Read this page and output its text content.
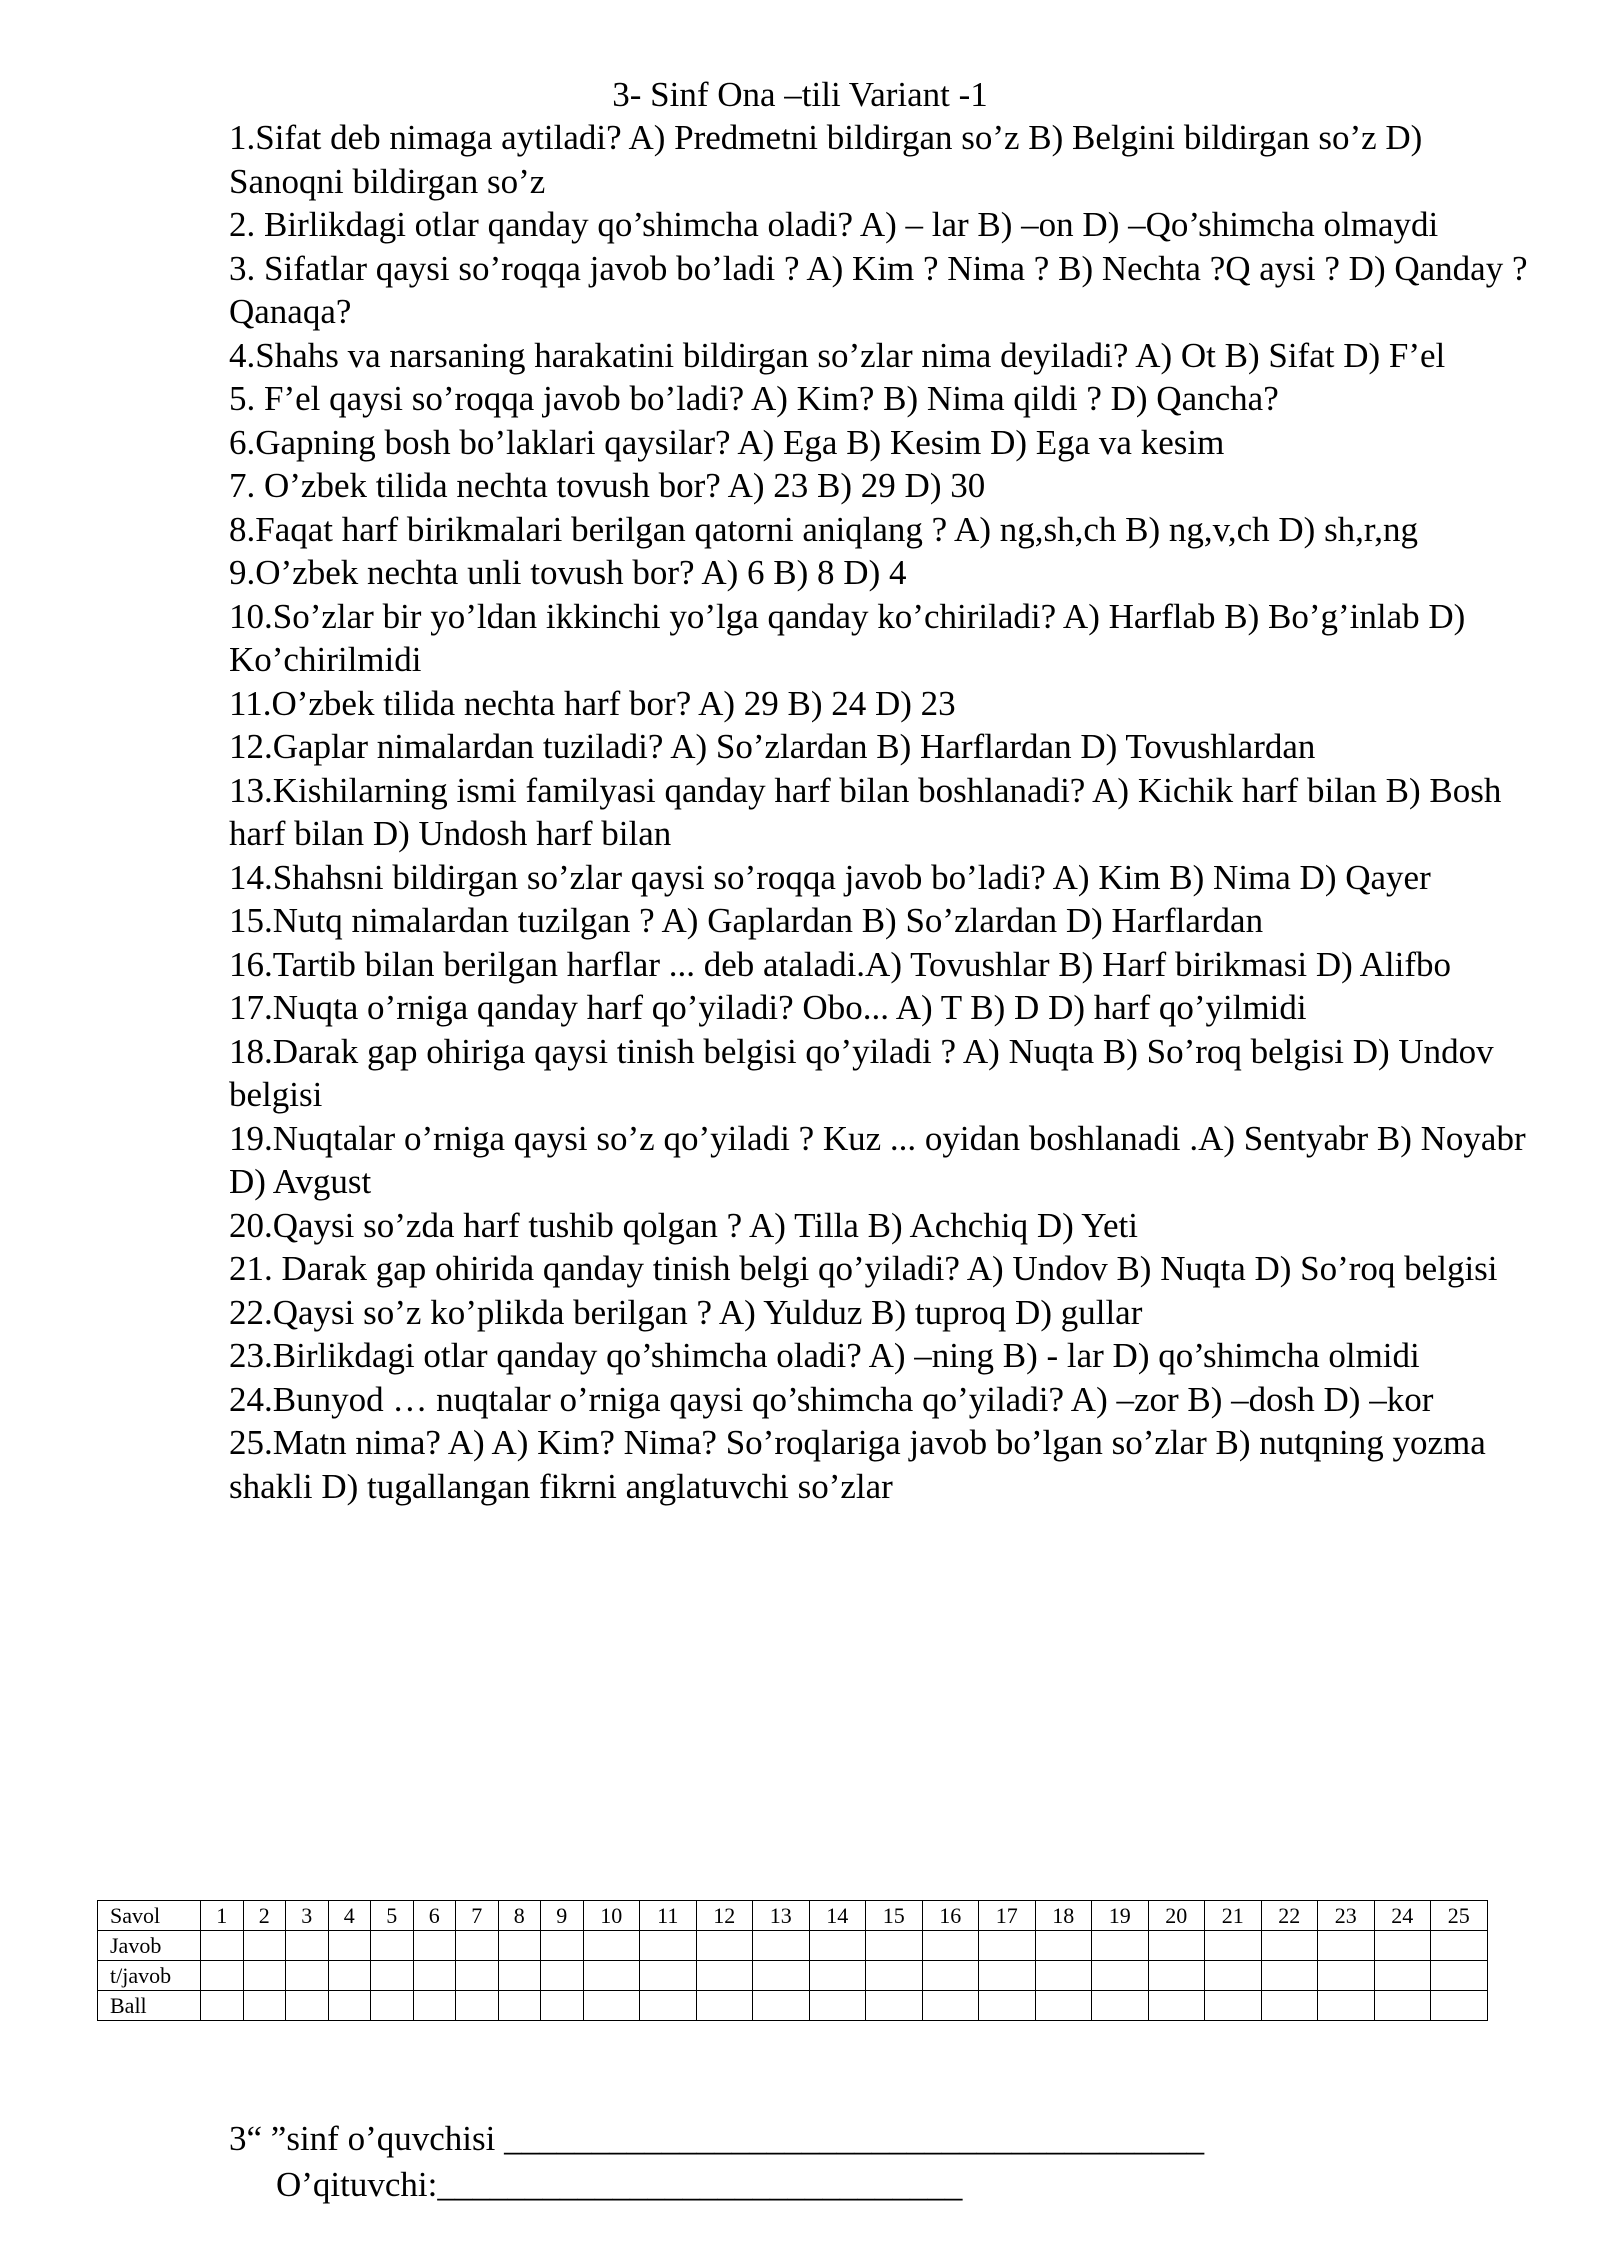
3- Sinf Ona –tili Variant -1

1.Sifat deb nimaga aytiladi? A) Predmetni bildirgan so’z B) Belgini bildirgan so’z D) Sanoqni bildirgan so’z

2. Birlikdagi otlar qanday qo’shimcha oladi? A) – lar B) –on D) –Qo’shimcha olmaydi

3. Sifatlar qaysi so’roqqa javob bo’ladi ? A) Kim ? Nima ? B) Nechta ?Q aysi ? D) Qanday ? Qanaqa?

4.Shahs va narsaning harakatini bildirgan so’zlar nima deyiladi? A) Ot B) Sifat D) F’el

5. F’el qaysi so’roqqa javob bo’ladi? A) Kim? B) Nima qildi ? D) Qancha?

6.Gapning bosh bo’laklari qaysilar? A) Ega B) Kesim D) Ega va kesim

7. O’zbek tilida nechta tovush bor? A) 23 B) 29 D) 30

8.Faqat harf birikmalari berilgan qatorni aniqlang ? A) ng,sh,ch B) ng,v,ch D) sh,r,ng

9.O’zbek nechta unli tovush bor? A) 6 B) 8 D) 4

10.So’zlar bir yo’ldan ikkinchi yo’lga qanday ko’chiriladi? A) Harflab B) Bo’g’inlab D) Ko’chirilmidi

11.O’zbek tilida nechta harf bor? A) 29 B) 24 D) 23

12.Gaplar nimalardan tuziladi? A) So’zlardan B) Harflardan D) Tovushlardan

13.Kishilarning ismi familyasi qanday harf bilan boshlanadi? A) Kichik harf bilan B) Bosh harf bilan D) Undosh harf bilan

14.Shahsni bildirgan so’zlar qaysi so’roqqa javob bo’ladi? A) Kim B) Nima D) Qayer

15.Nutq nimalardan tuzilgan ? A) Gaplardan B) So’zlardan D) Harflardan

16.Tartib bilan berilgan harflar ... deb ataladi.A) Tovushlar B) Harf birikmasi D) Alifbo

17.Nuqta o’rniga qanday harf qo’yiladi? Obo... A) T B) D D) harf qo’yilmidi

18.Darak gap ohiriga qaysi tinish belgisi qo’yiladi ? A) Nuqta B) So’roq belgisi D) Undov belgisi

19.Nuqtalar o’rniga qaysi so’z qo’yiladi ? Kuz ... oyidan boshlanadi .A) Sentyabr B) Noyabr D) Avgust

20.Qaysi so’zda harf tushib qolgan ? A) Tilla B) Achchiq D) Yeti

21. Darak gap ohirida qanday tinish belgi qo’yiladi? A) Undov B) Nuqta D) So’roq belgisi

22.Qaysi so’z ko’plikda berilgan ? A) Yulduz B) tuproq D) gullar

23.Birlikdagi otlar qanday qo’shimcha oladi? A) –ning B) - lar D) qo’shimcha olmidi

24.Bunyod … nuqtalar o’rniga qaysi qo’shimcha qo’yiladi? A) –zor B) –dosh D) –kor

25.Matn nima? A) A) Kim? Nima? So’roqlariga javob bo’lgan so’zlar B) nutqning yozma shakli D) tugallangan fikrni anglatuvchi so’zlar

Savol	1	2	3	4	5	6	7	8	9	10	11	12	13	14	15	16	17	18	19	20	21	22	23	24	25
Javob																									
t/javob																									
Ball																									
3“ ”sinf o’quvchisi ________________________________________
O’qituvchi:______________________________
